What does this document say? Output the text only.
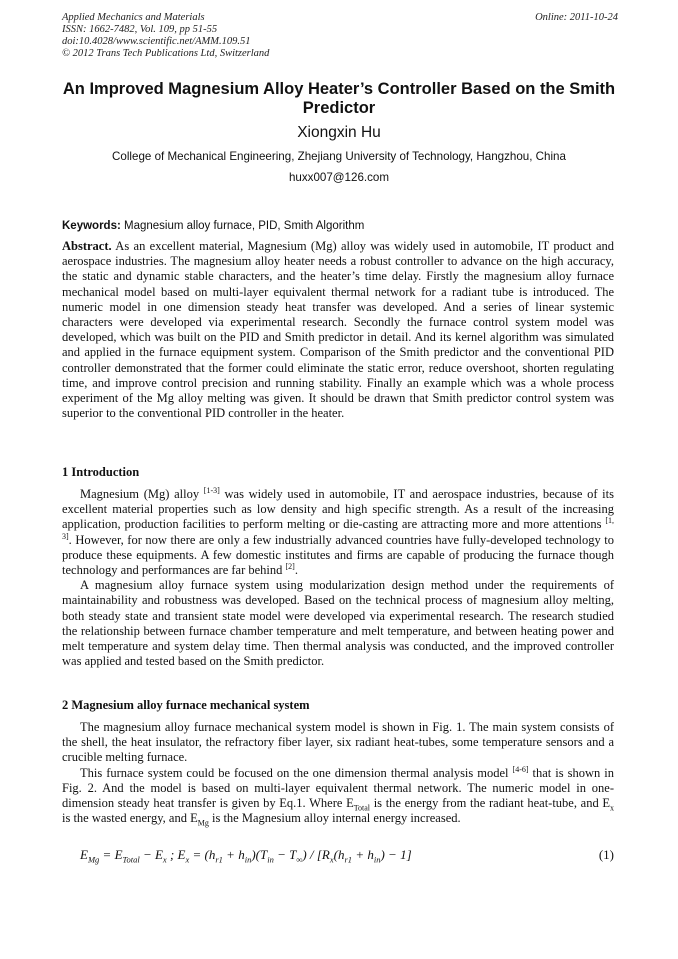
Applied Mechanics and Materials
ISSN: 1662-7482, Vol. 109, pp 51-55
doi:10.4028/www.scientific.net/AMM.109.51
© 2012 Trans Tech Publications Ltd, Switzerland
Online: 2011-10-24
An Improved Magnesium Alloy Heater’s Controller Based on the Smith Predictor
Xiongxin Hu
College of Mechanical Engineering, Zhejiang University of Technology, Hangzhou, China
huxx007@126.com
Keywords: Magnesium alloy furnace, PID, Smith Algorithm

Abstract. As an excellent material, Magnesium (Mg) alloy was widely used in automobile, IT product and aerospace industries. The magnesium alloy heater needs a robust controller to advance on the high accuracy, the static and dynamic stable characters, and the heater’s time delay. Firstly the magnesium alloy furnace mechanical model based on multi-layer equivalent thermal network for a radiant tube is introduced. The numeric model in one dimension steady heat transfer was developed. And a series of linear systemic characters were developed via experimental research. Secondly the furnace control system model was developed, which was built on the PID and Smith predictor in detail. And its kernel algorithm was simulated and applied in the furnace equipment system. Comparison of the Smith predictor and the conventional PID controller demonstrated that the former could eliminate the static error, reduce overshoot, shorten regulating time, and improve control precision and running stability. Finally an example which was a whole process experiment of the Mg alloy melting was given. It should be drawn that Smith predictor control system was superior to the conventional PID controller in the heater.

1 Introduction
Magnesium (Mg) alloy [1-3] was widely used in automobile, IT and aerospace industries, because of its excellent material properties such as low density and high specific strength. As a result of the increasing application, production facilities to perform melting or die-casting are attracting more and more attentions [1, 3]. However, for now there are only a few industrially advanced countries have fully-developed technology to produce these equipments. A few domestic institutes and firms are capable of producing the furnace though technology and performances are far behind [2].
A magnesium alloy furnace system using modularization design method under the requirements of maintainability and robustness was developed. Based on the technical process of magnesium alloy melting, both steady state and transient state model were developed via experimental research. The research studied the relationship between furnace chamber temperature and melt temperature, and between heating power and melt temperature and system delay time. Then thermal analysis was conducted, and the improved controller was applied and tested based on the Smith predictor.
2 Magnesium alloy furnace mechanical system
The magnesium alloy furnace mechanical system model is shown in Fig. 1. The main system consists of the shell, the heat insulator, the refractory fiber layer, six radiant heat-tubes, some temperature sensors and a crucible melting furnace.
This furnace system could be focused on the one dimension thermal analysis model [4-6] that is shown in Fig. 2. And the model is based on multi-layer equivalent thermal network. The numeric model in one-dimension steady heat transfer is given by Eq.1. Where $E_{Total}$ is the energy from the radiant heat-tube, and $E_x$ is the wasted energy, and $E_{Mg}$ is the Magnesium alloy internal energy increased.
$E_{Mg} = E_{Total} - E_x$ ; $E_x = (h_{r1} + h_{in})(T_{in} - T_\infty) / [R_x(h_{r1} + h_{in}) - 1]$	(1)
